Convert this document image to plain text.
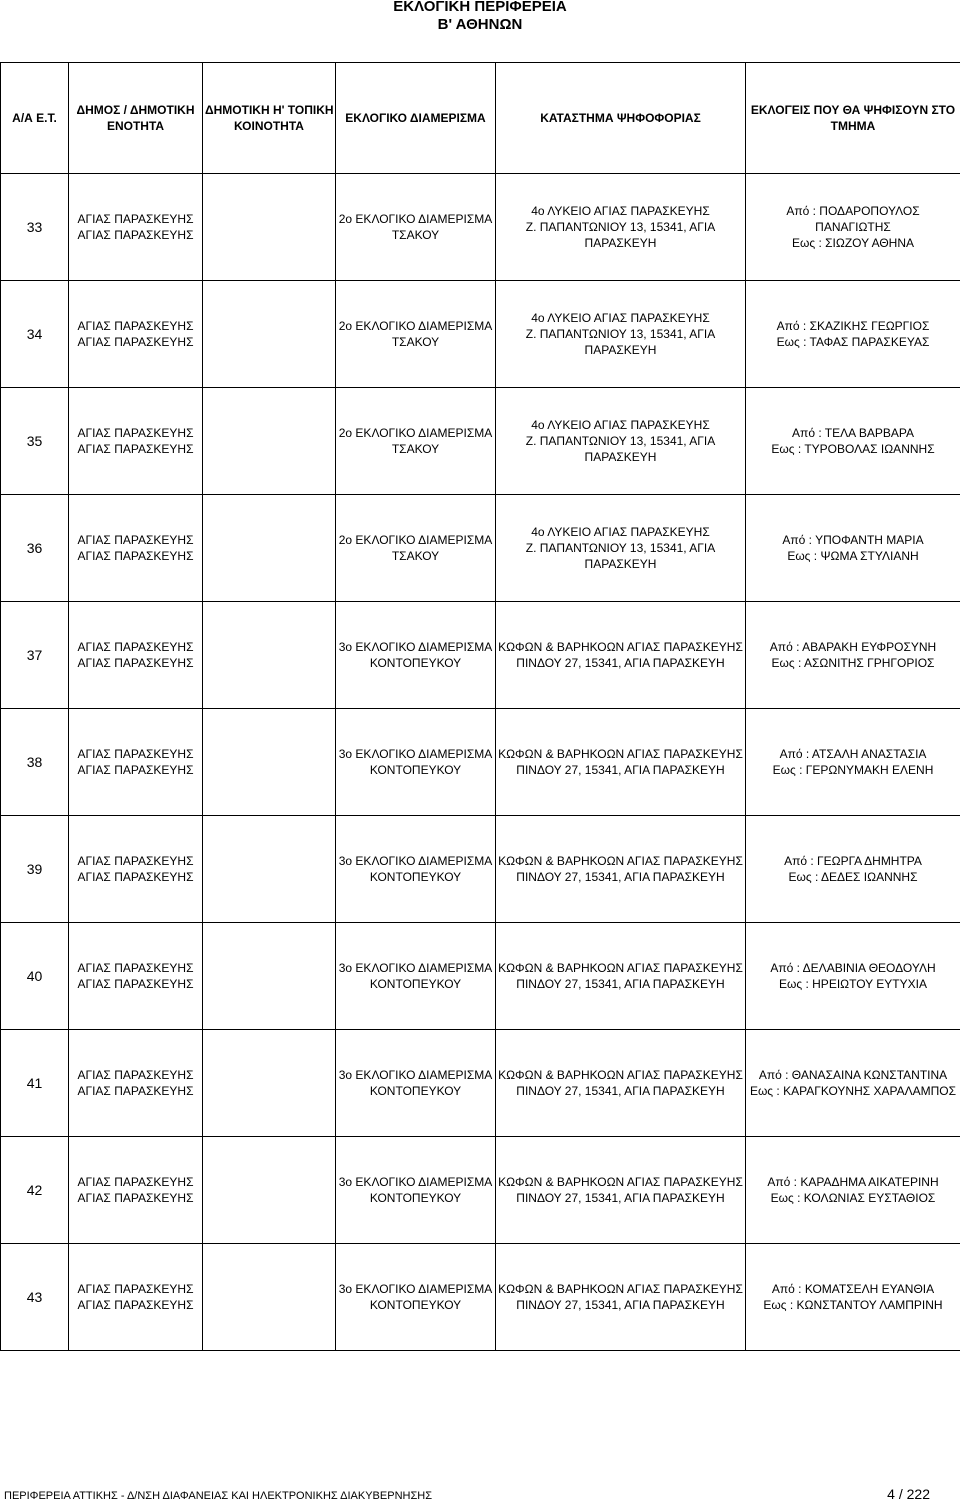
ΕΚΛΟΓΙΚΗ ΠΕΡΙΦΕΡΕΙΑ
Β' ΑΘΗΝΩΝ
Α/Α Ε.Τ.	ΔΗΜΟΣ / ΔΗΜΟΤΙΚΗ
ΕΝΟΤΗΤΑ	ΔΗΜΟΤΙΚΗ Η' ΤΟΠΙΚΗ
ΚΟΙΝΟΤΗΤΑ	ΕΚΛΟΓΙΚΟ ΔΙΑΜΕΡΙΣΜΑ	ΚΑΤΑΣΤΗΜΑ ΨΗΦΟΦΟΡΙΑΣ	ΕΚΛΟΓΕΙΣ ΠΟΥ ΘΑ ΨΗΦΙΣΟΥΝ ΣΤΟ
ΤΜΗΜΑ

33	ΑΓΙΑΣ ΠΑΡΑΣΚΕΥΗΣ
ΑΓΙΑΣ ΠΑΡΑΣΚΕΥΗΣ		2ο ΕΚΛΟΓΙΚΟ ΔΙΑΜΕΡΙΣΜΑ
ΤΣΑΚΟΥ	4ο ΛΥΚΕΙΟ ΑΓΙΑΣ ΠΑΡΑΣΚΕΥΗΣ
Ζ. ΠΑΠΑΝΤΩΝΙΟΥ 13, 15341, ΑΓΙΑ
ΠΑΡΑΣΚΕΥΗ	Από : ΠΟΔΑΡΟΠΟΥΛΟΣ
ΠΑΝΑΓΙΩΤΗΣ
Εως : ΣΙΩΖΟΥ ΑΘΗΝΑ

34	ΑΓΙΑΣ ΠΑΡΑΣΚΕΥΗΣ
ΑΓΙΑΣ ΠΑΡΑΣΚΕΥΗΣ		2ο ΕΚΛΟΓΙΚΟ ΔΙΑΜΕΡΙΣΜΑ
ΤΣΑΚΟΥ	4ο ΛΥΚΕΙΟ ΑΓΙΑΣ ΠΑΡΑΣΚΕΥΗΣ
Ζ. ΠΑΠΑΝΤΩΝΙΟΥ 13, 15341, ΑΓΙΑ
ΠΑΡΑΣΚΕΥΗ	Από : ΣΚΑΖΙΚΗΣ ΓΕΩΡΓΙΟΣ
Εως : ΤΑΦΑΣ ΠΑΡΑΣΚΕΥΑΣ

35	ΑΓΙΑΣ ΠΑΡΑΣΚΕΥΗΣ
ΑΓΙΑΣ ΠΑΡΑΣΚΕΥΗΣ		2ο ΕΚΛΟΓΙΚΟ ΔΙΑΜΕΡΙΣΜΑ
ΤΣΑΚΟΥ	4ο ΛΥΚΕΙΟ ΑΓΙΑΣ ΠΑΡΑΣΚΕΥΗΣ
Ζ. ΠΑΠΑΝΤΩΝΙΟΥ 13, 15341, ΑΓΙΑ
ΠΑΡΑΣΚΕΥΗ	Από : ΤΕΛΑ ΒΑΡΒΑΡΑ
Εως : ΤΥΡΟΒΟΛΑΣ ΙΩΑΝΝΗΣ

36	ΑΓΙΑΣ ΠΑΡΑΣΚΕΥΗΣ
ΑΓΙΑΣ ΠΑΡΑΣΚΕΥΗΣ		2ο ΕΚΛΟΓΙΚΟ ΔΙΑΜΕΡΙΣΜΑ
ΤΣΑΚΟΥ	4ο ΛΥΚΕΙΟ ΑΓΙΑΣ ΠΑΡΑΣΚΕΥΗΣ
Ζ. ΠΑΠΑΝΤΩΝΙΟΥ 13, 15341, ΑΓΙΑ
ΠΑΡΑΣΚΕΥΗ	Από : ΥΠΟΦΑΝΤΗ ΜΑΡΙΑ
Εως : ΨΩΜΑ ΣΤΥΛΙΑΝΗ

37	ΑΓΙΑΣ ΠΑΡΑΣΚΕΥΗΣ
ΑΓΙΑΣ ΠΑΡΑΣΚΕΥΗΣ		3ο ΕΚΛΟΓΙΚΟ ΔΙΑΜΕΡΙΣΜΑ
ΚΟΝΤΟΠΕΥΚΟΥ	ΚΩΦΩΝ & ΒΑΡΗΚΟΩΝ ΑΓΙΑΣ ΠΑΡΑΣΚΕΥΗΣ
ΠΙΝΔΟΥ 27, 15341, ΑΓΙΑ ΠΑΡΑΣΚΕΥΗ	Από : ΑΒΑΡΑΚΗ ΕΥΦΡΟΣΥΝΗ
Εως : ΑΣΩΝΙΤΗΣ ΓΡΗΓΟΡΙΟΣ

38	ΑΓΙΑΣ ΠΑΡΑΣΚΕΥΗΣ
ΑΓΙΑΣ ΠΑΡΑΣΚΕΥΗΣ		3ο ΕΚΛΟΓΙΚΟ ΔΙΑΜΕΡΙΣΜΑ
ΚΟΝΤΟΠΕΥΚΟΥ	ΚΩΦΩΝ & ΒΑΡΗΚΟΩΝ ΑΓΙΑΣ ΠΑΡΑΣΚΕΥΗΣ
ΠΙΝΔΟΥ 27, 15341, ΑΓΙΑ ΠΑΡΑΣΚΕΥΗ	Από : ΑΤΣΑΛΗ ΑΝΑΣΤΑΣΙΑ
Εως : ΓΕΡΩΝΥΜΑΚΗ ΕΛΕΝΗ

39	ΑΓΙΑΣ ΠΑΡΑΣΚΕΥΗΣ
ΑΓΙΑΣ ΠΑΡΑΣΚΕΥΗΣ		3ο ΕΚΛΟΓΙΚΟ ΔΙΑΜΕΡΙΣΜΑ
ΚΟΝΤΟΠΕΥΚΟΥ	ΚΩΦΩΝ & ΒΑΡΗΚΟΩΝ ΑΓΙΑΣ ΠΑΡΑΣΚΕΥΗΣ
ΠΙΝΔΟΥ 27, 15341, ΑΓΙΑ ΠΑΡΑΣΚΕΥΗ	Από : ΓΕΩΡΓΑ ΔΗΜΗΤΡΑ
Εως : ΔΕΔΕΣ ΙΩΑΝΝΗΣ

40	ΑΓΙΑΣ ΠΑΡΑΣΚΕΥΗΣ
ΑΓΙΑΣ ΠΑΡΑΣΚΕΥΗΣ		3ο ΕΚΛΟΓΙΚΟ ΔΙΑΜΕΡΙΣΜΑ
ΚΟΝΤΟΠΕΥΚΟΥ	ΚΩΦΩΝ & ΒΑΡΗΚΟΩΝ ΑΓΙΑΣ ΠΑΡΑΣΚΕΥΗΣ
ΠΙΝΔΟΥ 27, 15341, ΑΓΙΑ ΠΑΡΑΣΚΕΥΗ	Από : ΔΕΛΑΒΙΝΙΑ ΘΕΟΔΟΥΛΗ
Εως : ΗΡΕΙΩΤΟΥ ΕΥΤΥΧΙΑ

41	ΑΓΙΑΣ ΠΑΡΑΣΚΕΥΗΣ
ΑΓΙΑΣ ΠΑΡΑΣΚΕΥΗΣ		3ο ΕΚΛΟΓΙΚΟ ΔΙΑΜΕΡΙΣΜΑ
ΚΟΝΤΟΠΕΥΚΟΥ	ΚΩΦΩΝ & ΒΑΡΗΚΟΩΝ ΑΓΙΑΣ ΠΑΡΑΣΚΕΥΗΣ
ΠΙΝΔΟΥ 27, 15341, ΑΓΙΑ ΠΑΡΑΣΚΕΥΗ	Από : ΘΑΝΑΣΑΙΝΑ ΚΩΝΣΤΑΝΤΙΝΑ
Εως : ΚΑΡΑΓΚΟΥΝΗΣ ΧΑΡΑΛΑΜΠΟΣ

42	ΑΓΙΑΣ ΠΑΡΑΣΚΕΥΗΣ
ΑΓΙΑΣ ΠΑΡΑΣΚΕΥΗΣ		3ο ΕΚΛΟΓΙΚΟ ΔΙΑΜΕΡΙΣΜΑ
ΚΟΝΤΟΠΕΥΚΟΥ	ΚΩΦΩΝ & ΒΑΡΗΚΟΩΝ ΑΓΙΑΣ ΠΑΡΑΣΚΕΥΗΣ
ΠΙΝΔΟΥ 27, 15341, ΑΓΙΑ ΠΑΡΑΣΚΕΥΗ	Από : ΚΑΡΑΔΗΜΑ ΑΙΚΑΤΕΡΙΝΗ
Εως : ΚΟΛΩΝΙΑΣ ΕΥΣΤΑΘΙΟΣ

43	ΑΓΙΑΣ ΠΑΡΑΣΚΕΥΗΣ
ΑΓΙΑΣ ΠΑΡΑΣΚΕΥΗΣ		3ο ΕΚΛΟΓΙΚΟ ΔΙΑΜΕΡΙΣΜΑ
ΚΟΝΤΟΠΕΥΚΟΥ	ΚΩΦΩΝ & ΒΑΡΗΚΟΩΝ ΑΓΙΑΣ ΠΑΡΑΣΚΕΥΗΣ
ΠΙΝΔΟΥ 27, 15341, ΑΓΙΑ ΠΑΡΑΣΚΕΥΗ	Από : ΚΟΜΑΤΣΕΛΗ ΕΥΑΝΘΙΑ
Εως : ΚΩΝΣΤΑΝΤΟΥ ΛΑΜΠΡΙΝΗ
ΠΕΡΙΦΕΡΕΙΑ ΑΤΤΙΚΗΣ - Δ/ΝΣΗ ΔΙΑΦΑΝΕΙΑΣ ΚΑΙ ΗΛΕΚΤΡΟΝΙΚΗΣ ΔΙΑΚΥΒΕΡΝΗΣΗΣ	4 / 222
